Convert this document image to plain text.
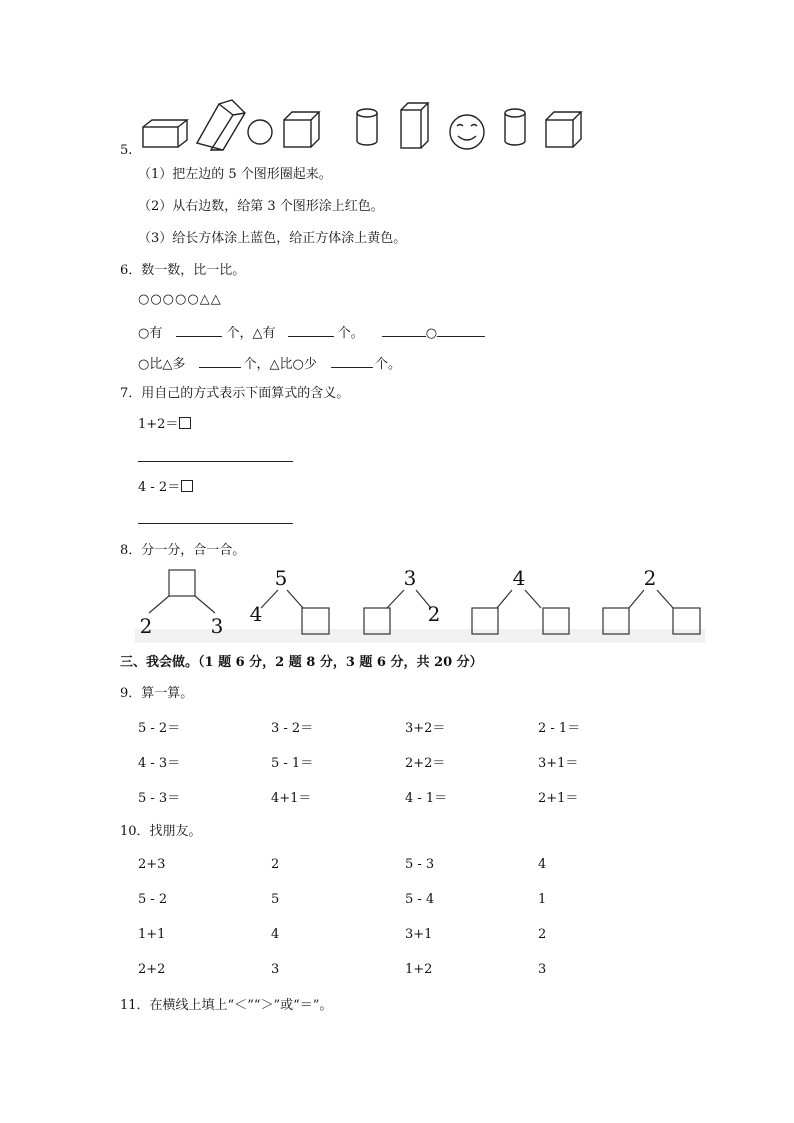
5.
（1）把左边的 5 个图形圈起来。
（2）从右边数，给第 3 个图形涂上红色。
（3）给长方体涂上蓝色，给正方体涂上黄色。
6．数一数，比一比。
○○○○○△△
○有	个，△有	个。	○
○比△多	个，△比○少	个。
7．用自己的方式表示下面算式的含义。
1+2＝
4 - 2＝
8．分一分，合一合。
2	3
5
4
3
2
4	2
三、我会做。（1 题 6 分，2 题 8 分，3 题 6 分，共 20 分）
9．算一算。
5 - 2＝	3 - 2＝	3+2＝	2 - 1＝
4 - 3＝	5 - 1＝	2+2＝	3+1＝
5 - 3＝	4+1＝	4 - 1＝	2+1＝
10．找朋友。
2+3	2	5 - 3	4
5 - 2	5	5 - 4	1
1+1	4	3+1	2
2+2	3	1+2	3
11．在横线上填上“＜”“＞”或“＝”。
